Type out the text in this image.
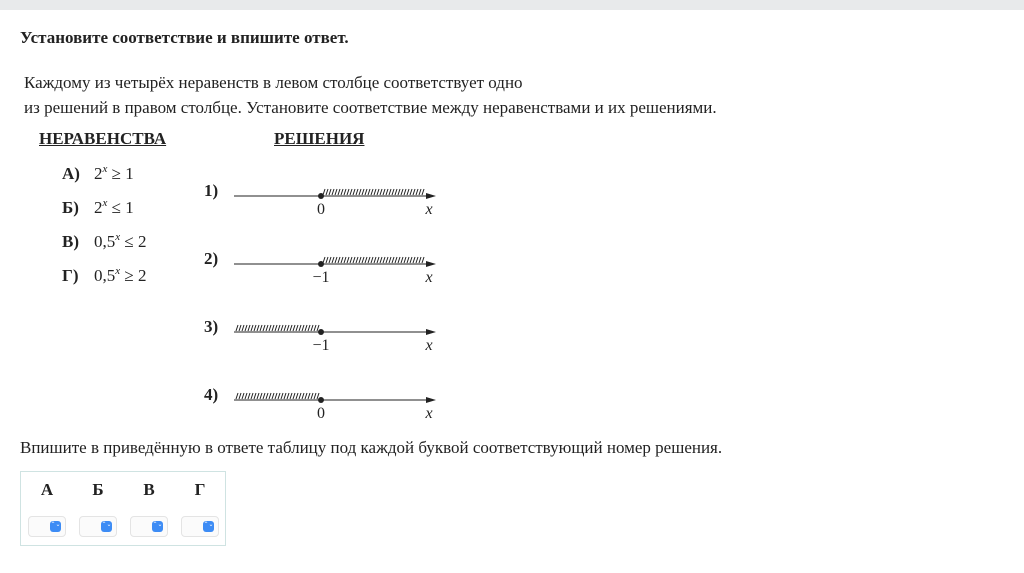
Установите соответствие и впишите ответ.
Каждому из четырёх неравенств в левом столбце соответствует одно
из решений в правом столбце. Установите соответствие между неравенствами и их решениями.
НЕРАВЕНСТВА	РЕШЕНИЯ
А) $2^x \ge 1$
Б) $2^x \le 1$
В) $0,5^x \le 2$
Г) $0,5^x \ge 2$
1)
0	x
2)
−1	x
3)
−1	x
4)
0	x
Впишите в приведённую в ответе таблицу под каждой буквой соответствующий номер решения.
А	Б	В	Г
⌃⌄	⌃⌄	⌃⌄	⌃⌄
